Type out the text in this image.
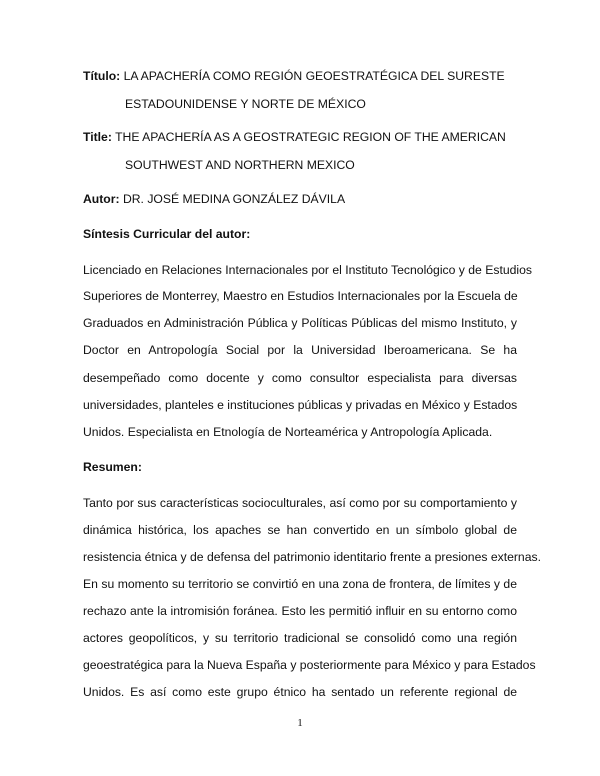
Título: LA APACHERÍA COMO REGIÓN GEOESTRATÉGICA DEL SURESTE
ESTADOUNIDENSE Y NORTE DE MÉXICO
Title: THE APACHERÍA AS A GEOSTRATEGIC REGION OF THE AMERICAN
SOUTHWEST AND NORTHERN MEXICO
Autor: DR. JOSÉ MEDINA GONZÁLEZ DÁVILA
Síntesis Curricular del autor:
Licenciado en Relaciones Internacionales por el Instituto Tecnológico y de Estudios
Superiores de Monterrey, Maestro en Estudios Internacionales por la Escuela de
Graduados en Administración Pública y Políticas Públicas del mismo Instituto, y
Doctor en Antropología Social por la Universidad Iberoamericana. Se ha
desempeñado como docente y como consultor especialista para diversas
universidades, planteles e instituciones públicas y privadas en México y Estados
Unidos. Especialista en Etnología de Norteamérica y Antropología Aplicada.
Resumen:
Tanto por sus características socioculturales, así como por su comportamiento y
dinámica histórica, los apaches se han convertido en un símbolo global de
resistencia étnica y de defensa del patrimonio identitario frente a presiones externas.
En su momento su territorio se convirtió en una zona de frontera, de límites y de
rechazo ante la intromisión foránea. Esto les permitió influir en su entorno como
actores geopolíticos, y su territorio tradicional se consolidó como una región
geoestratégica para la Nueva España y posteriormente para México y para Estados
Unidos. Es así como este grupo étnico ha sentado un referente regional de
1
